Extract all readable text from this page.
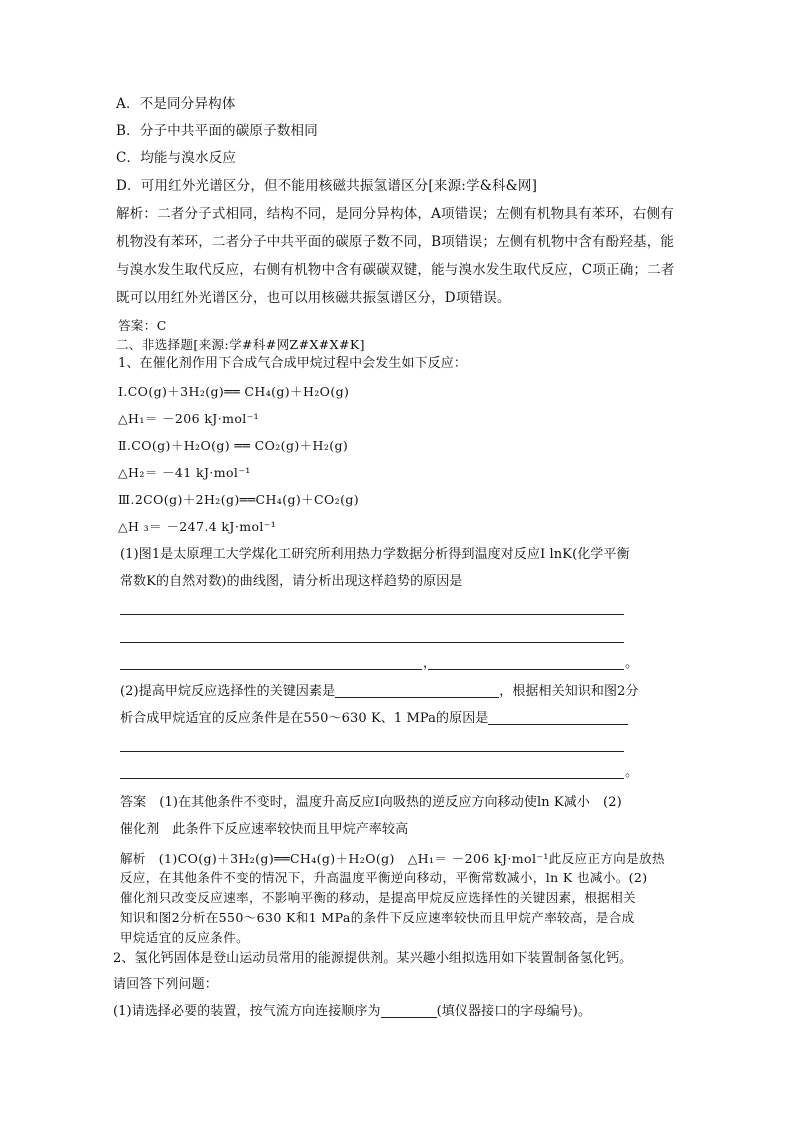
A．不是同分异构体
B．分子中共平面的碳原子数相同
C．均能与溴水反应
D．可用红外光谱区分，但不能用核磁共振氢谱区分[来源:学&科&网]
解析：二者分子式相同，结构不同，是同分异构体，A项错误；左侧有机物具有苯环，右侧有
机物没有苯环，二者分子中共平面的碳原子数不同，B项错误；左侧有机物中含有酚羟基，能
与溴水发生取代反应，右侧有机物中含有碳碳双键，能与溴水发生取代反应，C项正确；二者
既可以用红外光谱区分，也可以用核磁共振氢谱区分，D项错误。
答案：C
二、非选择题[来源:学#科#网Z#X#X#K]
1、在催化剂作用下合成气合成甲烷过程中会发生如下反应：
Ⅰ.CO(g)＋3H₂(g)══ CH₄(g)＋H₂O(g)
△H₁＝ －206 kJ·mol⁻¹
Ⅱ.CO(g)＋H₂O(g) ══ CO₂(g)＋H₂(g)
△H₂＝ －41 kJ·mol⁻¹
Ⅲ.2CO(g)＋2H₂(g)══CH₄(g)＋CO₂(g)
△H ₃＝ －247.4 kJ·mol⁻¹
(1)图1是太原理工大学煤化工研究所利用热力学数据分析得到温度对反应Ⅰ lnK(化学平衡
常数K的自然对数)的曲线图，请分析出现这样趋势的原因是
，	。
(2)提高甲烷反应选择性的关键因素是	，根据相关知识和图2分
析合成甲烷适宜的反应条件是在550～630 K、1 MPa的原因是
。
答案　(1)在其他条件不变时，温度升高反应Ⅰ向吸热的逆反应方向移动使ln K减小　(2)
催化剂　此条件下反应速率较快而且甲烷产率较高
解析　(1)CO(g)＋3H₂(g)══CH₄(g)＋H₂O(g)　△H₁＝ －206 kJ·mol⁻¹此反应正方向是放热
反应，在其他条件不变的情况下，升高温度平衡逆向移动，平衡常数减小，ln K 也减小。(2)
催化剂只改变反应速率，不影响平衡的移动，是提高甲烷反应选择性的关键因素，根据相关
知识和图2分析在550～630 K和1 MPa的条件下反应速率较快而且甲烷产率较高，是合成
甲烷适宜的反应条件。
2、氢化钙固体是登山运动员常用的能源提供剂。某兴趣小组拟选用如下装置制备氢化钙。
请回答下列问题：
(1)请选择必要的装置，按气流方向连接顺序为	(填仪器接口的字母编号)。
